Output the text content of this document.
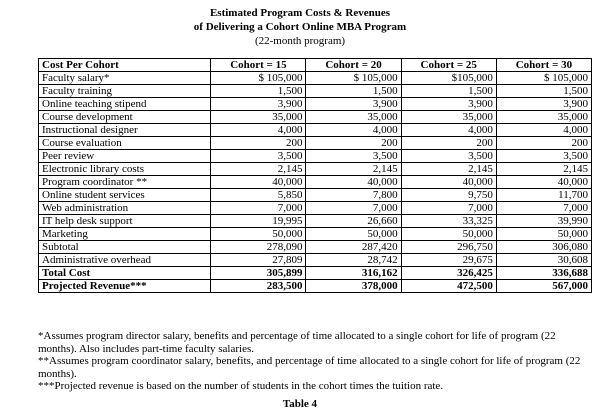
Estimated Program Costs & Revenues
of Delivering a Cohort Online MBA Program
(22-month program)
Cost Per Cohort	Cohort = 15	Cohort = 20	Cohort = 25	Cohort = 30
Faculty salary*	$ 105,000	$ 105,000	$105,000	$ 105,000
Faculty training	1,500	1,500	1,500	1,500
Online teaching stipend	3,900	3,900	3,900	3,900
Course development	35,000	35,000	35,000	35,000
Instructional designer	4,000	4,000	4,000	4,000
Course evaluation	200	200	200	200
Peer review	3,500	3,500	3,500	3,500
Electronic library costs	2,145	2,145	2,145	2,145
Program coordinator **	40,000	40,000	40,000	40,000
Online student services	5,850	7,800	9,750	11,700
Web administration	7,000	7,000	7,000	7,000
IT help desk support	19,995	26,660	33,325	39,990
Marketing	50,000	50,000	50,000	50,000
Subtotal	278,090	287,420	296,750	306,080
Administrative overhead	27,809	28,742	29,675	30,608
Total Cost	305,899	316,162	326,425	336,688
Projected Revenue***	283,500	378,000	472,500	567,000

*Assumes program director salary, benefits and percentage of time allocated to a single cohort for life of program (22 months). Also includes part-time faculty salaries.

**Assumes program coordinator salary, benefits, and percentage of time allocated to a single cohort for life of program (22 months).

***Projected revenue is based on the number of students in the cohort times the tuition rate.

Table 4
